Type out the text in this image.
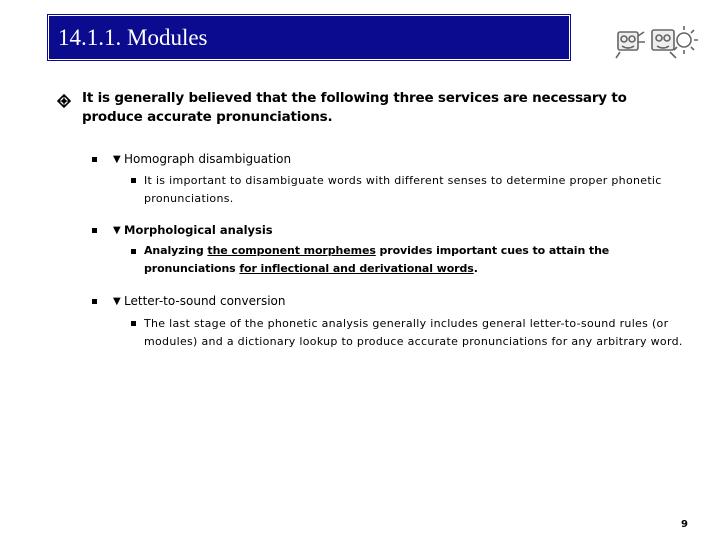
14.1.1. Modules
It is generally believed that the following three services are necessary to produce accurate pronunciations.
▼ Homograph disambiguation
It is important to disambiguate words with different senses to determine proper phonetic pronunciations.
▼ Morphological analysis
Analyzing the component morphemes provides important cues to attain the pronunciations for inflectional and derivational words.
▼ Letter-to-sound conversion
The last stage of the phonetic analysis generally includes general letter-to-sound rules (or modules) and a dictionary lookup to produce accurate pronunciations for any arbitrary word.
9
